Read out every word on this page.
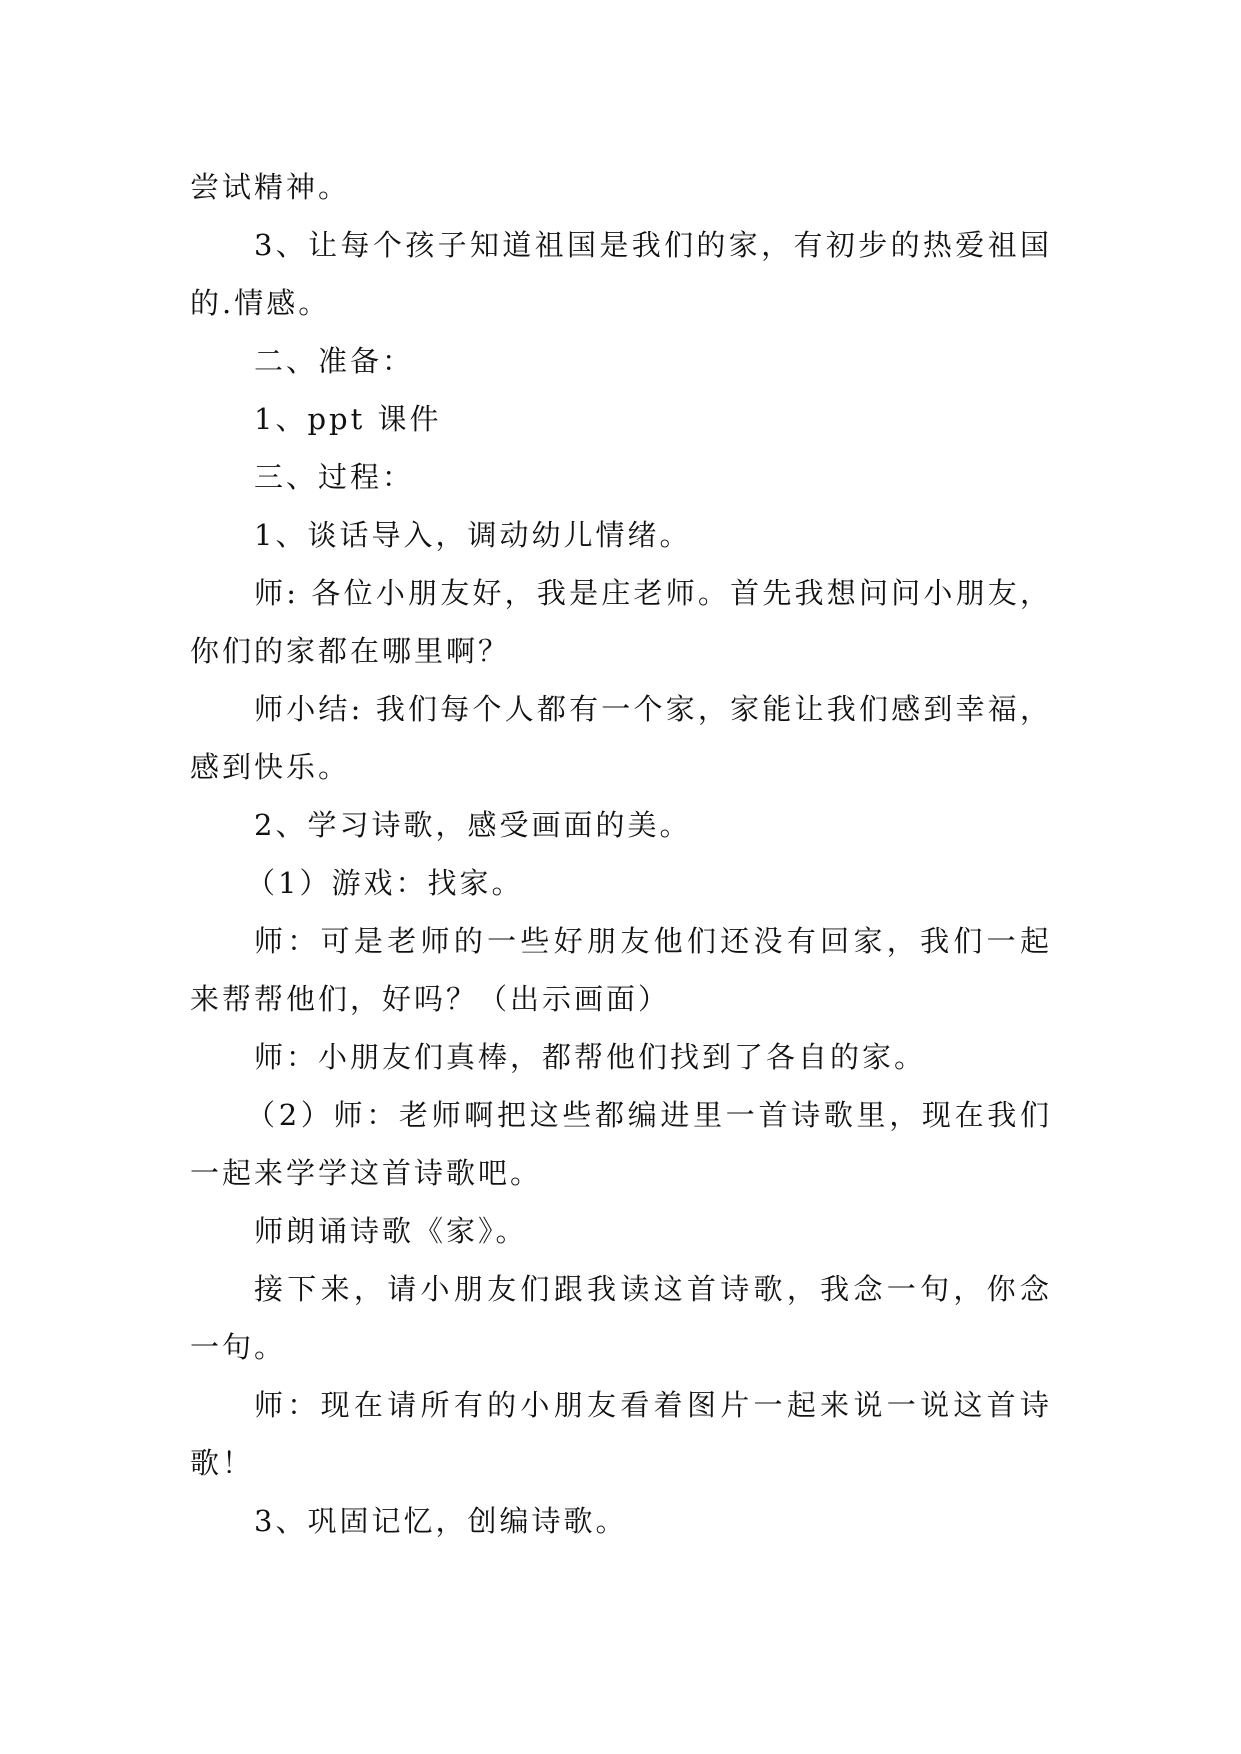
尝试精神。

3、让每个孩子知道祖国是我们的家，有初步的热爱祖国的.情感。

二、准备：

1、ppt 课件

三、过程：

1、谈话导入，调动幼儿情绪。

师: 各位小朋友好，我是庄老师。首先我想问问小朋友，你们的家都在哪里啊？

师小结: 我们每个人都有一个家，家能让我们感到幸福，感到快乐。

2、学习诗歌，感受画面的美。

（1）游戏：找家。

师：可是老师的一些好朋友他们还没有回家，我们一起来帮帮他们，好吗？（出示画面）

师：小朋友们真棒，都帮他们找到了各自的家。

（2）师：老师啊把这些都编进里一首诗歌里，现在我们一起来学学这首诗歌吧。

师朗诵诗歌《家》。

接下来，请小朋友们跟我读这首诗歌，我念一句，你念一句。

师：现在请所有的小朋友看着图片一起来说一说这首诗歌！

3、巩固记忆，创编诗歌。
